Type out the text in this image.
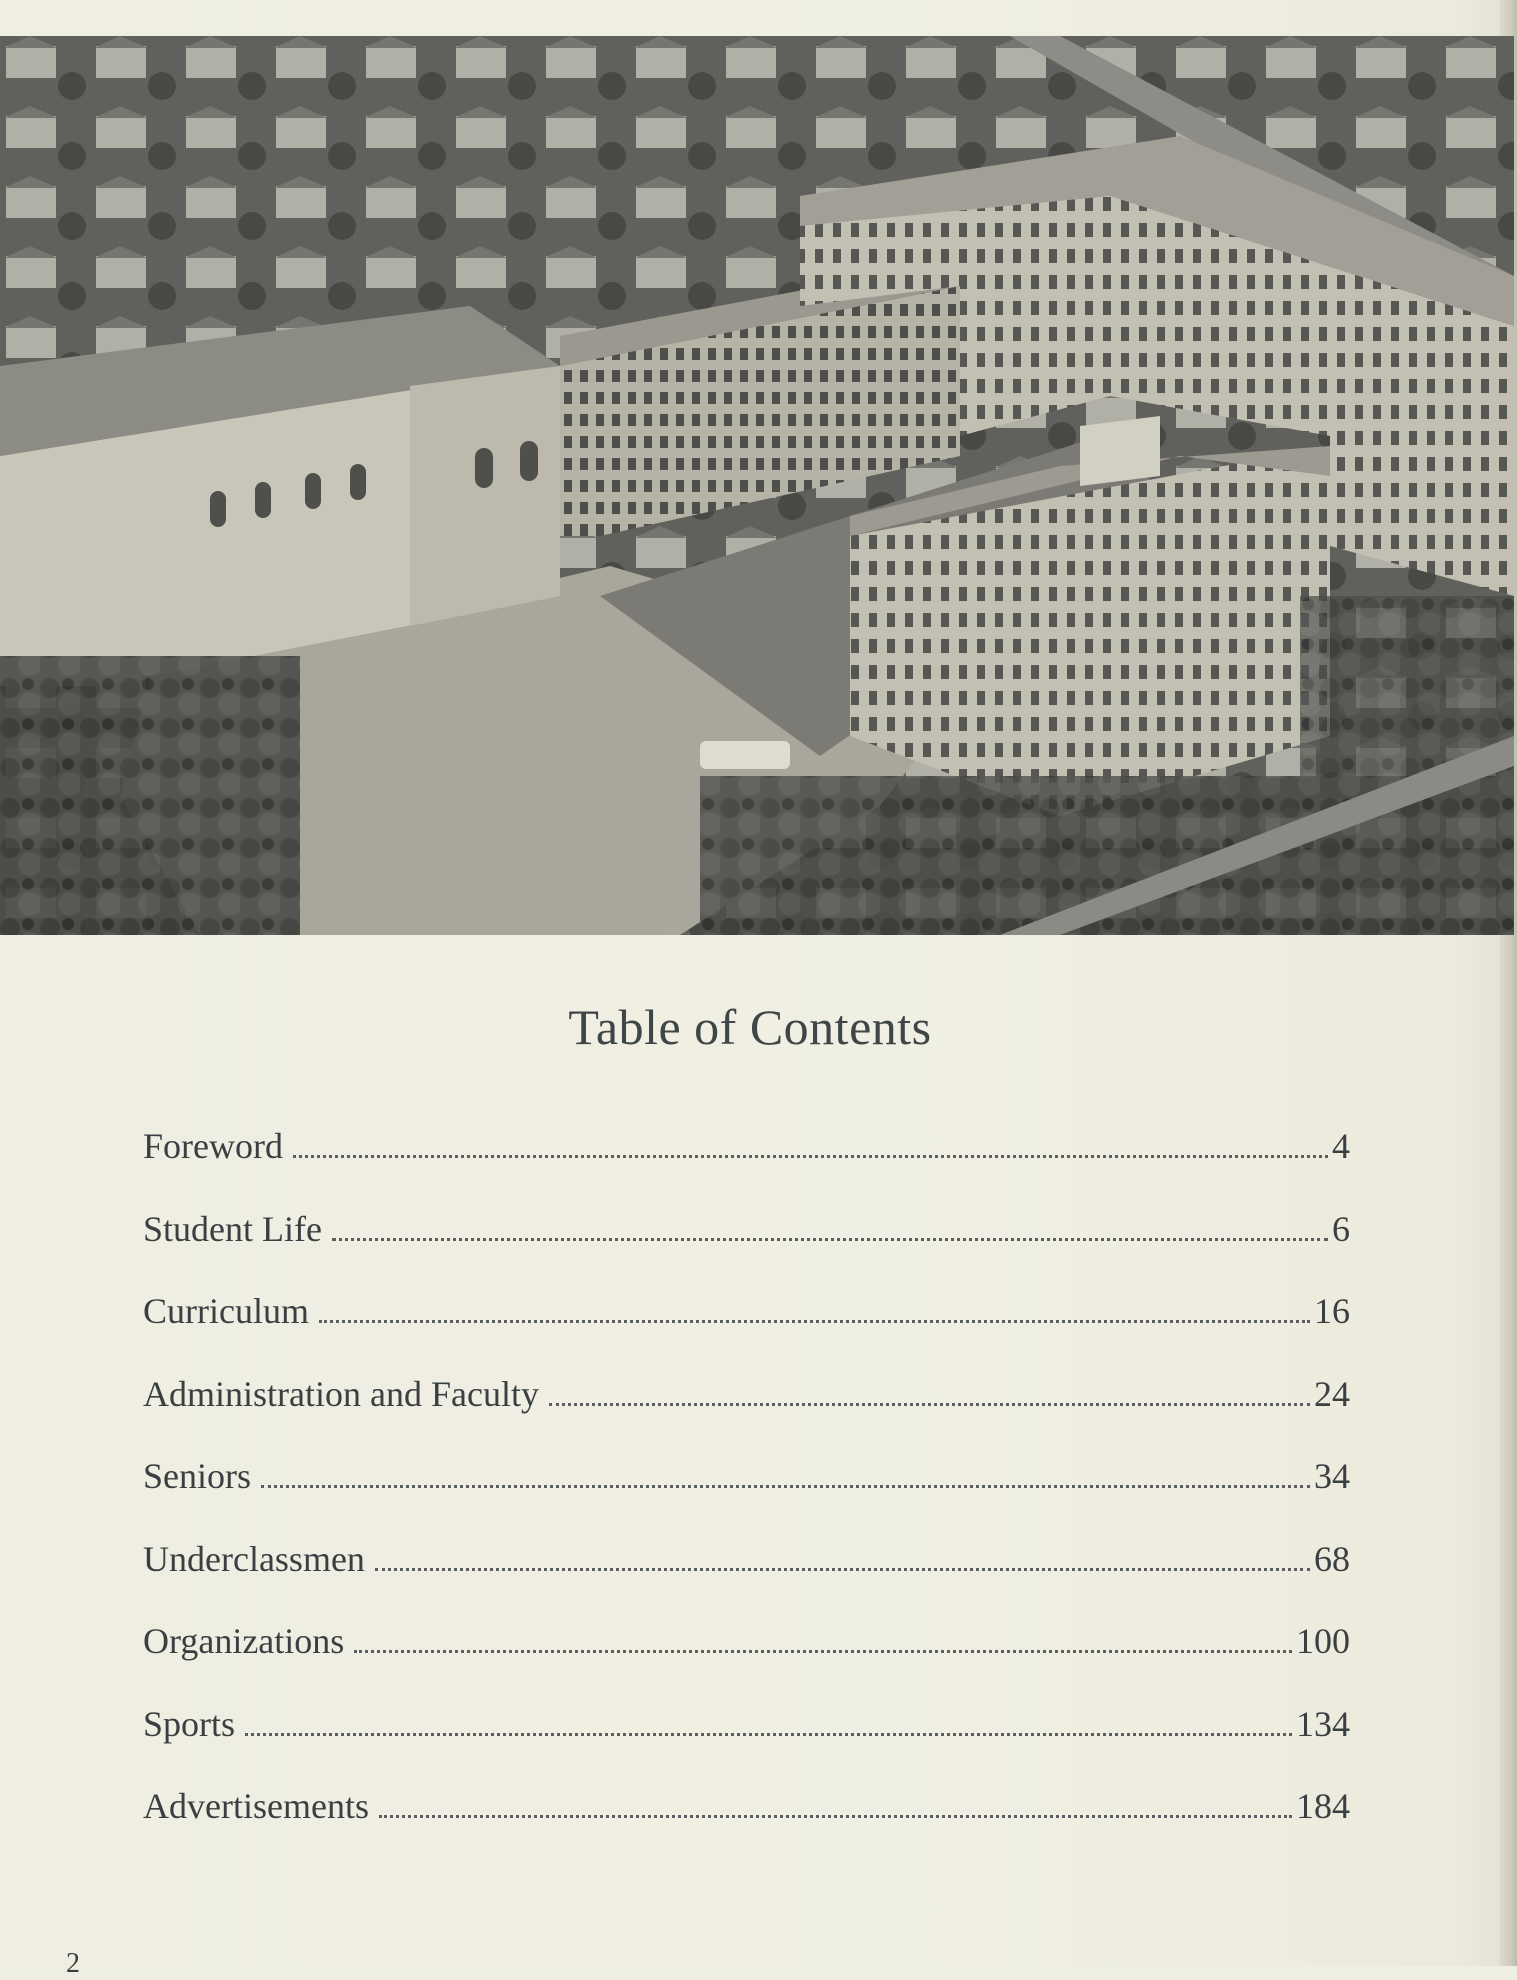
Table of Contents
Foreword	4
Student Life	6
Curriculum	16
Administration and Faculty	24
Seniors	34
Underclassmen	68
Organizations	100
Sports	134
Advertisements	184
2
